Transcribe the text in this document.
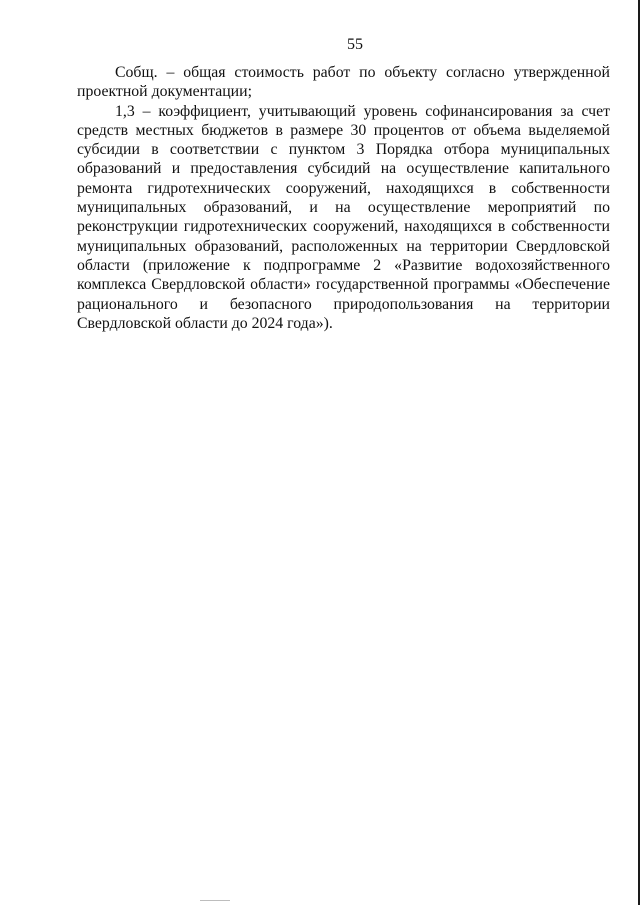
55

Собщ. – общая стоимость работ по объекту согласно утвержденной проектной документации;

1,3 – коэффициент, учитывающий уровень софинансирования за счет средств местных бюджетов в размере 30 процентов от объема выделяемой субсидии в соответствии с пунктом 3 Порядка отбора муниципальных образований и предоставления субсидий на осуществление капитального ремонта гидротехнических сооружений, находящихся в собственности муниципальных образований, и на осуществление мероприятий по реконструкции гидротехнических сооружений, находящихся в собственности муниципальных образований, расположенных на территории Свердловской области (приложение к подпрограмме 2 «Развитие водохозяйственного комплекса Свердловской области» государственной программы «Обеспечение рационального и безопасного природопользования на территории Свердловской области до 2024 года»).
